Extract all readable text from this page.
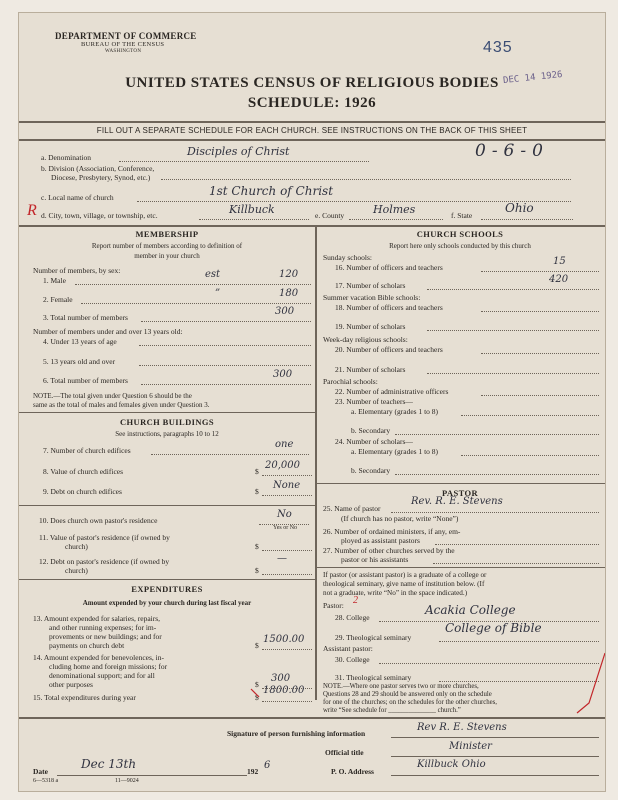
DEPARTMENT OF COMMERCE
BUREAU OF THE CENSUS
WASHINGTON	435
DEC 14 1926
UNITED STATES CENSUS OF RELIGIOUS BODIES
SCHEDULE: 1926
FILL OUT A SEPARATE SCHEDULE FOR EACH CHURCH. SEE INSTRUCTIONS ON THE BACK OF THIS SHEET
a. Denomination	Disciples of Christ	0-6-0
b. Division (Association, Conference,
Diocese, Presbytery, Synod, etc.)
c. Local name of church	1st Church of Christ
R d. City, town, village, or township, etc.	Killbuck	e. County	Holmes	f. State
Ohio
MEMBERSHIP
Report number of members according to definition of
member in your church
Number of members, by sex:
1. Male
est	120
2. Female
”	180
3. Total number of members
300
Number of members under and over 13 years old:
4. Under 13 years of age
5. 13 years old and over
6. Total number of members
300
NOTE.—The total given under Question 6 should be the
same as the total of males and females given under Question 3.
CHURCH BUILDINGS
See instructions, paragraphs 10 to 12
7. Number of church edifices
one
8. Value of church edifices	$
20,000
9. Debt on church edifices	$
None
10. Does church own pastor's residence
No
Yes or No
11. Value of pastor's residence (if owned by
church)	$
12. Debt on pastor's residence (if owned by
church)	$
—
EXPENDITURES
Amount expended by your church during last fiscal year
13. Amount expended for salaries, repairs,
and other running expenses; for im-
provements or new buildings; and for
payments on church debt	$
1500.00
14. Amount expended for benevolences, in-
cluding home and foreign missions; for
denominational support; and for all
other purposes	$
300
15. Total expenditures during year	$
1800.00
CHURCH SCHOOLS
Report here only schools conducted by this church
Sunday schools:
16. Number of officers and teachers
15
17. Number of scholars
420
Summer vacation Bible schools:
18. Number of officers and teachers
19. Number of scholars
Week-day religious schools:
20. Number of officers and teachers
21. Number of scholars
Parochial schools:
22. Number of administrative officers
23. Number of teachers—
a. Elementary (grades 1 to 8)
b. Secondary
24. Number of scholars—
a. Elementary (grades 1 to 8)
b. Secondary
PASTOR
25. Name of pastor
Rev. R. E. Stevens
(If church has no pastor, write “None”)
26. Number of ordained ministers, if any, em-
ployed as assistant pastors
27. Number of other churches served by the
pastor or his assistants
If pastor (or assistant pastor) is a graduate of a college or
theological seminary, give name of institution below. (If
not a graduate, write “No” in the space indicated.)
Pastor: 2
28. College
Acakia College
29. Theological seminary
College of Bible
Assistant pastor:
30. College
31. Theological seminary
NOTE.—Where one pastor serves two or more churches,
Questions 28 and 29 should be answered only on the schedule
for one of the churches; on the schedules for the other churches,
write “See schedule for ______________ church.”
Signature of person furnishing information
Rev R. E. Stevens
Official title
Minister
Date
Dec 13th
192
6
P. O. Address
Killbuck Ohio
6—5318 a	11—9024
